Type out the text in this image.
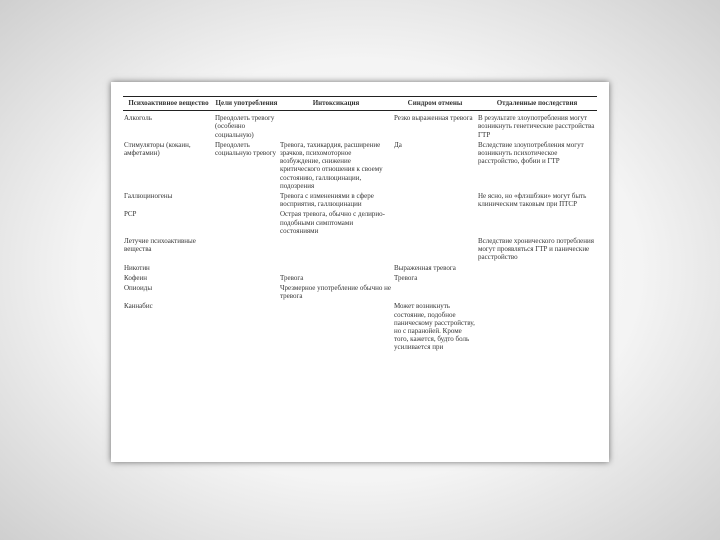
Психоактивное вещество	Цели употребления	Интоксикация	Синдром отмены	Отдаленные последствия
Алкоголь	Преодолеть тревогу (особенно социальную)		Резко выраженная тревога	В результате злоупотребления могут возникнуть генетические расстройства ГТР
Стимуляторы (кокаин, амфетамин)	Преодолеть социальную тревогу	Тревога, тахикардия, расширение зрачков, психомоторное возбуждение, снижение критического отношения к своему состоянию, галлюцинации, подозрения	Да	Вследствие злоупотребления могут возникнуть психотическое расстройство, фобии и ГТР
Галлюциногены		Тревога с изменениями в сфере восприятия, галлюцинации		Не ясно, но «флэшбэки» могут быть клиническим таковым при ПТСР
PCP		Острая тревога, обычно с делирио-подобными симптомами состояниями		
Летучие психоактивные вещества				Вследствие хронического потребления могут проявляться ГТР и панические расстройство
Никотин			Выраженная тревога	
Кофеин		Тревога	Тревога	
Опиоиды		Чрезмерное употребление обычно не тревога		
Каннабис			Может возникнуть состояние, подобное паническому расстройству, но с паранойей. Кроме того, кажется, будто боль усиливается при	
